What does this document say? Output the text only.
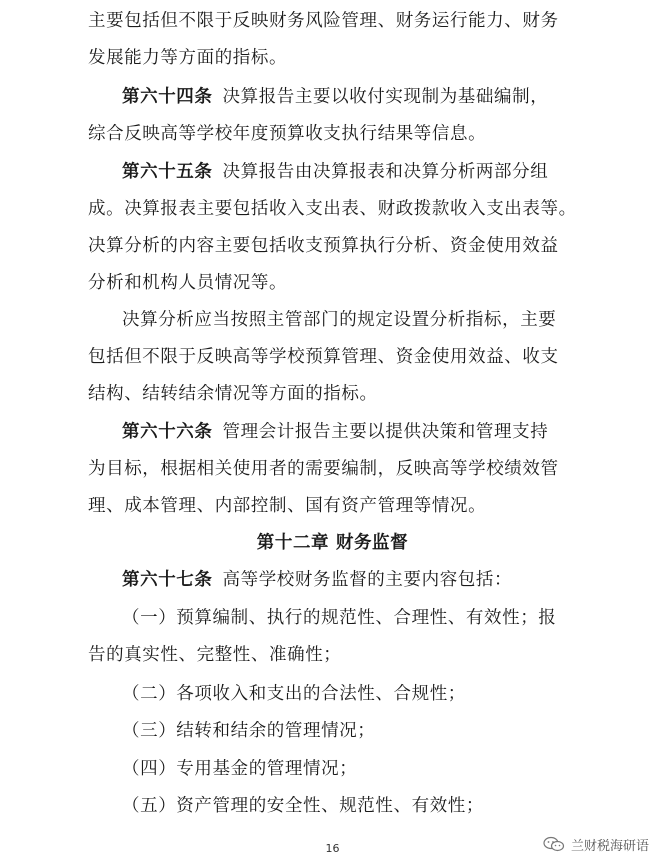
主要包括但不限于反映财务风险管理、财务运行能力、财务
发展能力等方面的指标。
第六十四条 决算报告主要以收付实现制为基础编制，
综合反映高等学校年度预算收支执行结果等信息。
第六十五条 决算报告由决算报表和决算分析两部分组
成。决算报表主要包括收入支出表、财政拨款收入支出表等。
决算分析的内容主要包括收支预算执行分析、资金使用效益
分析和机构人员情况等。
决算分析应当按照主管部门的规定设置分析指标，主要
包括但不限于反映高等学校预算管理、资金使用效益、收支
结构、结转结余情况等方面的指标。
第六十六条 管理会计报告主要以提供决策和管理支持
为目标，根据相关使用者的需要编制，反映高等学校绩效管
理、成本管理、内部控制、国有资产管理等情况。
第十二章 财务监督
第六十七条 高等学校财务监督的主要内容包括：
（一）预算编制、执行的规范性、合理性、有效性；报
告的真实性、完整性、准确性；
（二）各项收入和支出的合法性、合规性；
（三）结转和结余的管理情况；
（四）专用基金的管理情况；
（五）资产管理的安全性、规范性、有效性；
16	兰财税海研语
